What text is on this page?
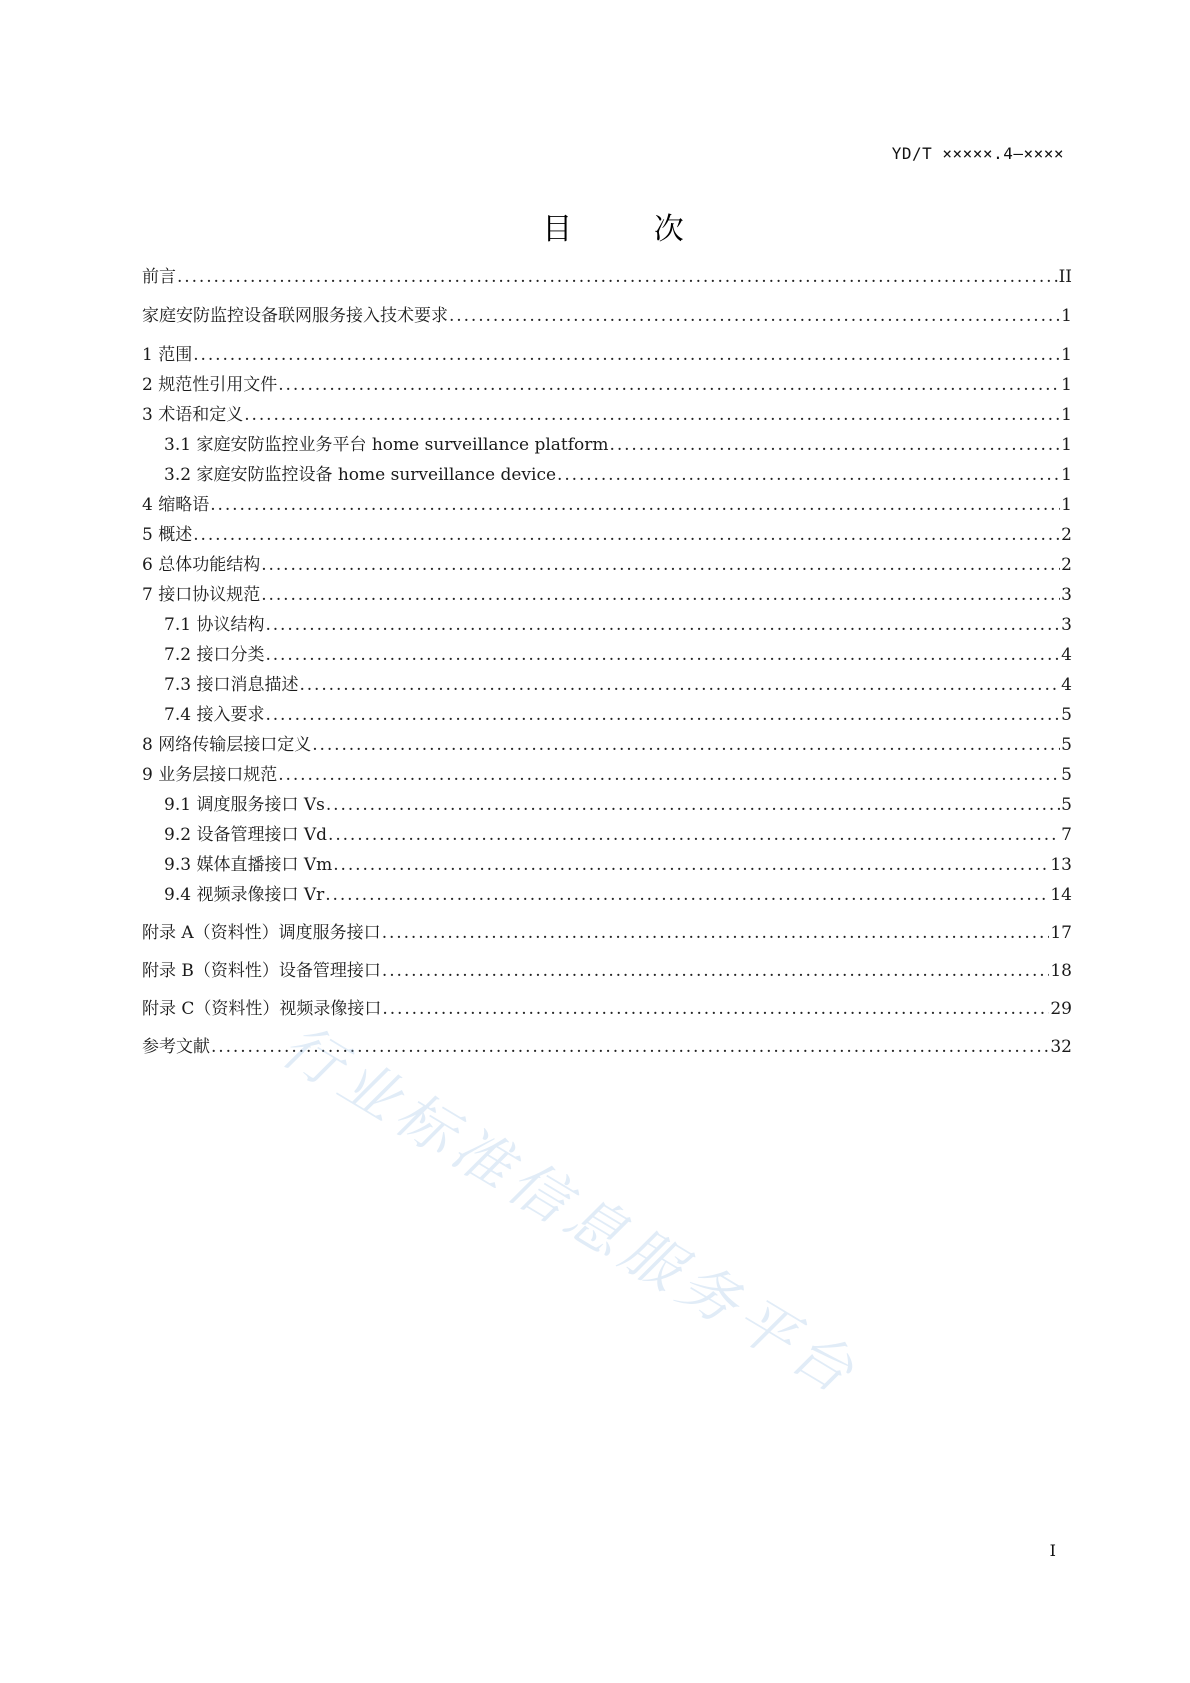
YD/T ×××××.4—××××
目 次
前言 .....	II
家庭安防监控设备联网服务接入技术要求 .....	1
1 范围 .....	1
2 规范性引用文件 .....	1
3 术语和定义 .....	1
3.1 家庭安防监控业务平台 home surveillance platform .....	1
3.2 家庭安防监控设备 home surveillance device .....	1
4 缩略语 .....	1
5 概述 .....	2
6 总体功能结构 .....	2
7 接口协议规范 .....	3
7.1 协议结构 .....	3
7.2 接口分类 .....	4
7.3 接口消息描述 .....	4
7.4 接入要求 .....	5
8 网络传输层接口定义 .....	5
9 业务层接口规范 .....	5
9.1 调度服务接口 Vs .....	5
9.2 设备管理接口 Vd .....	7
9.3 媒体直播接口 Vm .....	13
9.4 视频录像接口 Vr .....	14
附录 A（资料性）调度服务接口 .....	17
附录 B（资料性）设备管理接口 .....	18
附录 C（资料性）视频录像接口 .....	29
参考文献 .....	32
行业标准信息服务平台
I
